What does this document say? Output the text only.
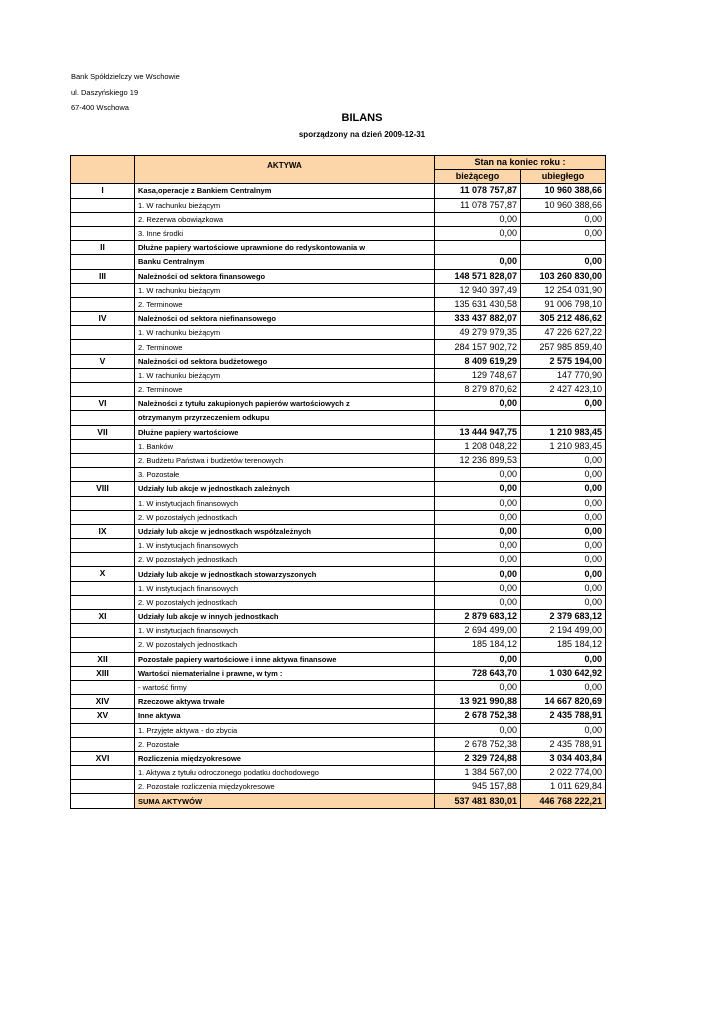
Bank Spółdzielczy we Wschowie
ul. Daszyńskiego 19
67-400 Wschowa
BILANS
sporządzony na dzień 2009-12-31
	AKTYWA	Stan na koniec roku :	
		bieżącego	ubiegłego
I	Kasa,operacje z Bankiem Centralnym	11 078 757,87	10 960 388,66
	1. W rachunku bieżącym	11 078 757,87	10 960 388,66
	2. Rezerwa obowiązkowa	0,00	0,00
	3. Inne środki	0,00	0,00
II	Dłużne papiery wartościowe uprawnione do redyskontowania w		
	Banku Centralnym	0,00	0,00
III	Należności od sektora finansowego	148 571 828,07	103 260 830,00
	1. W rachunku bieżącym	12 940 397,49	12 254 031,90
	2. Terminowe	135 631 430,58	91 006 798,10
IV	Należności od sektora niefinansowego	333 437 882,07	305 212 486,62
	1. W rachunku bieżącym	49 279 979,35	47 226 627,22
	2. Terminowe	284 157 902,72	257 985 859,40
V	Należności od sektora budżetowego	8 409 619,29	2 575 194,00
	1. W rachunku bieżącym	129 748,67	147 770,90
	2. Terminowe	8 279 870,62	2 427 423,10
VI	Należności z tytułu zakupionych papierów wartościowych z	0,00	0,00
	otrzymanym przyrzeczeniem odkupu		
VII	Dłużne papiery wartościowe	13 444 947,75	1 210 983,45
	1. Banków	1 208 048,22	1 210 983,45
	2. Budżetu Państwa i budżetów terenowych	12 236 899,53	0,00
	3. Pozostałe	0,00	0,00
VIII	Udziały lub akcje w jednostkach zależnych	0,00	0,00
	1. W instytucjach finansowych	0,00	0,00
	2. W pozostałych jednostkach	0,00	0,00
IX	Udziały lub akcje w jednostkach współzależnych	0,00	0,00
	1. W instytucjach finansowych	0,00	0,00
	2. W pozostałych jednostkach	0,00	0,00
X	Udziały lub akcje w jednostkach stowarzyszonych	0,00	0,00
	1. W instytucjach finansowych	0,00	0,00
	2. W pozostałych jednostkach	0,00	0,00
XI	Udziały lub akcje w innych jednostkach	2 879 683,12	2 379 683,12
	1. W instytucjach finansowych	2 694 499,00	2 194 499,00
	2. W pozostałych jednostkach	185 184,12	185 184,12
XII	Pozostałe papiery wartościowe i inne aktywa finansowe	0,00	0,00
XIII	Wartości niematerialne i prawne, w tym :	728 643,70	1 030 642,92
	- wartość firmy	0,00	0,00
XIV	Rzeczowe aktywa trwałe	13 921 990,88	14 667 820,69
XV	Inne aktywa	2 678 752,38	2 435 788,91
	1. Przyjęte aktywa - do zbycia	0,00	0,00
	2. Pozostałe	2 678 752,38	2 435 788,91
XVI	Rozliczenia międzyokresowe	2 329 724,88	3 034 403,84
	1. Aktywa z tytułu odroczonego podatku dochodowego	1 384 567,00	2 022 774,00
	2. Pozostałe rozliczenia międzyokresowe	945 157,88	1 011 629,84
	SUMA AKTYWÓW	537 481 830,01	446 768 222,21
